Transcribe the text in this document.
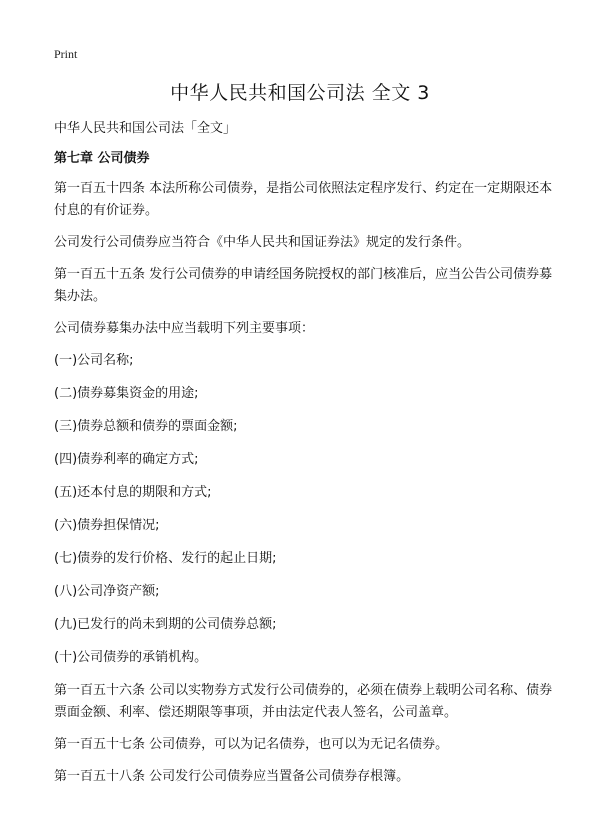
Print
中华人民共和国公司法 全文 3

中华人民共和国公司法「全文」

第七章 公司债券

第一百五十四条 本法所称公司债券，是指公司依照法定程序发行、约定在一定期限还本付息的有价证券。

公司发行公司债券应当符合《中华人民共和国证券法》规定的发行条件。

第一百五十五条 发行公司债券的申请经国务院授权的部门核准后，应当公告公司债券募集办法。

公司债券募集办法中应当载明下列主要事项：

(一)公司名称;

(二)债券募集资金的用途;

(三)债券总额和债券的票面金额;

(四)债券利率的确定方式;

(五)还本付息的期限和方式;

(六)债券担保情况;

(七)债券的发行价格、发行的起止日期;

(八)公司净资产额;

(九)已发行的尚未到期的公司债券总额;

(十)公司债券的承销机构。

第一百五十六条 公司以实物券方式发行公司债券的，必须在债券上载明公司名称、债券票面金额、利率、偿还期限等事项，并由法定代表人签名，公司盖章。

第一百五十七条 公司债券，可以为记名债券，也可以为无记名债券。

第一百五十八条 公司发行公司债券应当置备公司债券存根簿。
